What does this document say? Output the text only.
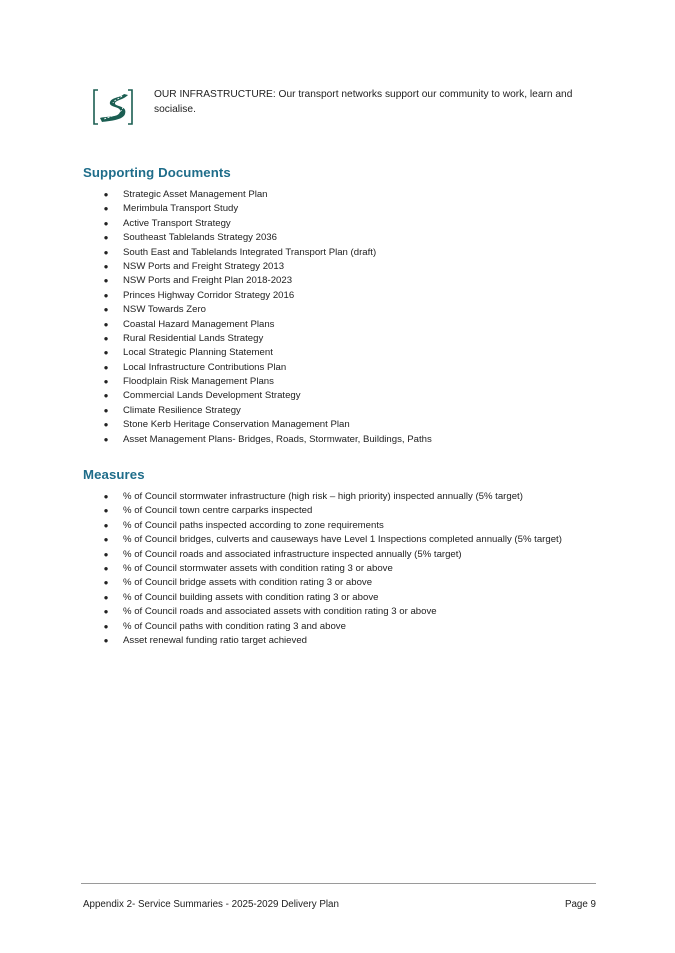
OUR INFRASTRUCTURE: Our transport networks support our community to work, learn and socialise.
Supporting Documents
● Strategic Asset Management Plan
● Merimbula Transport Study
● Active Transport Strategy
● Southeast Tablelands Strategy 2036
● South East and Tablelands Integrated Transport Plan (draft)
● NSW Ports and Freight Strategy 2013
● NSW Ports and Freight Plan 2018-2023
● Princes Highway Corridor Strategy 2016
● NSW Towards Zero
● Coastal Hazard Management Plans
● Rural Residential Lands Strategy
● Local Strategic Planning Statement
● Local Infrastructure Contributions Plan
● Floodplain Risk Management Plans
● Commercial Lands Development Strategy
● Climate Resilience Strategy
● Stone Kerb Heritage Conservation Management Plan
● Asset Management Plans- Bridges, Roads, Stormwater, Buildings, Paths
Measures
● % of Council stormwater infrastructure (high risk – high priority) inspected annually (5% target)
● % of Council town centre carparks inspected
● % of Council paths inspected according to zone requirements
● % of Council bridges, culverts and causeways have Level 1 Inspections completed annually (5% target)
● % of Council roads and associated infrastructure inspected annually (5% target)
● % of Council stormwater assets with condition rating 3 or above
● % of Council bridge assets with condition rating 3 or above
● % of Council building assets with condition rating 3 or above
● % of Council roads and associated assets with condition rating 3 or above
● % of Council paths with condition rating 3 and above
● Asset renewal funding ratio target achieved
Appendix 2- Service Summaries - 2025-2029 Delivery Plan	Page 9
